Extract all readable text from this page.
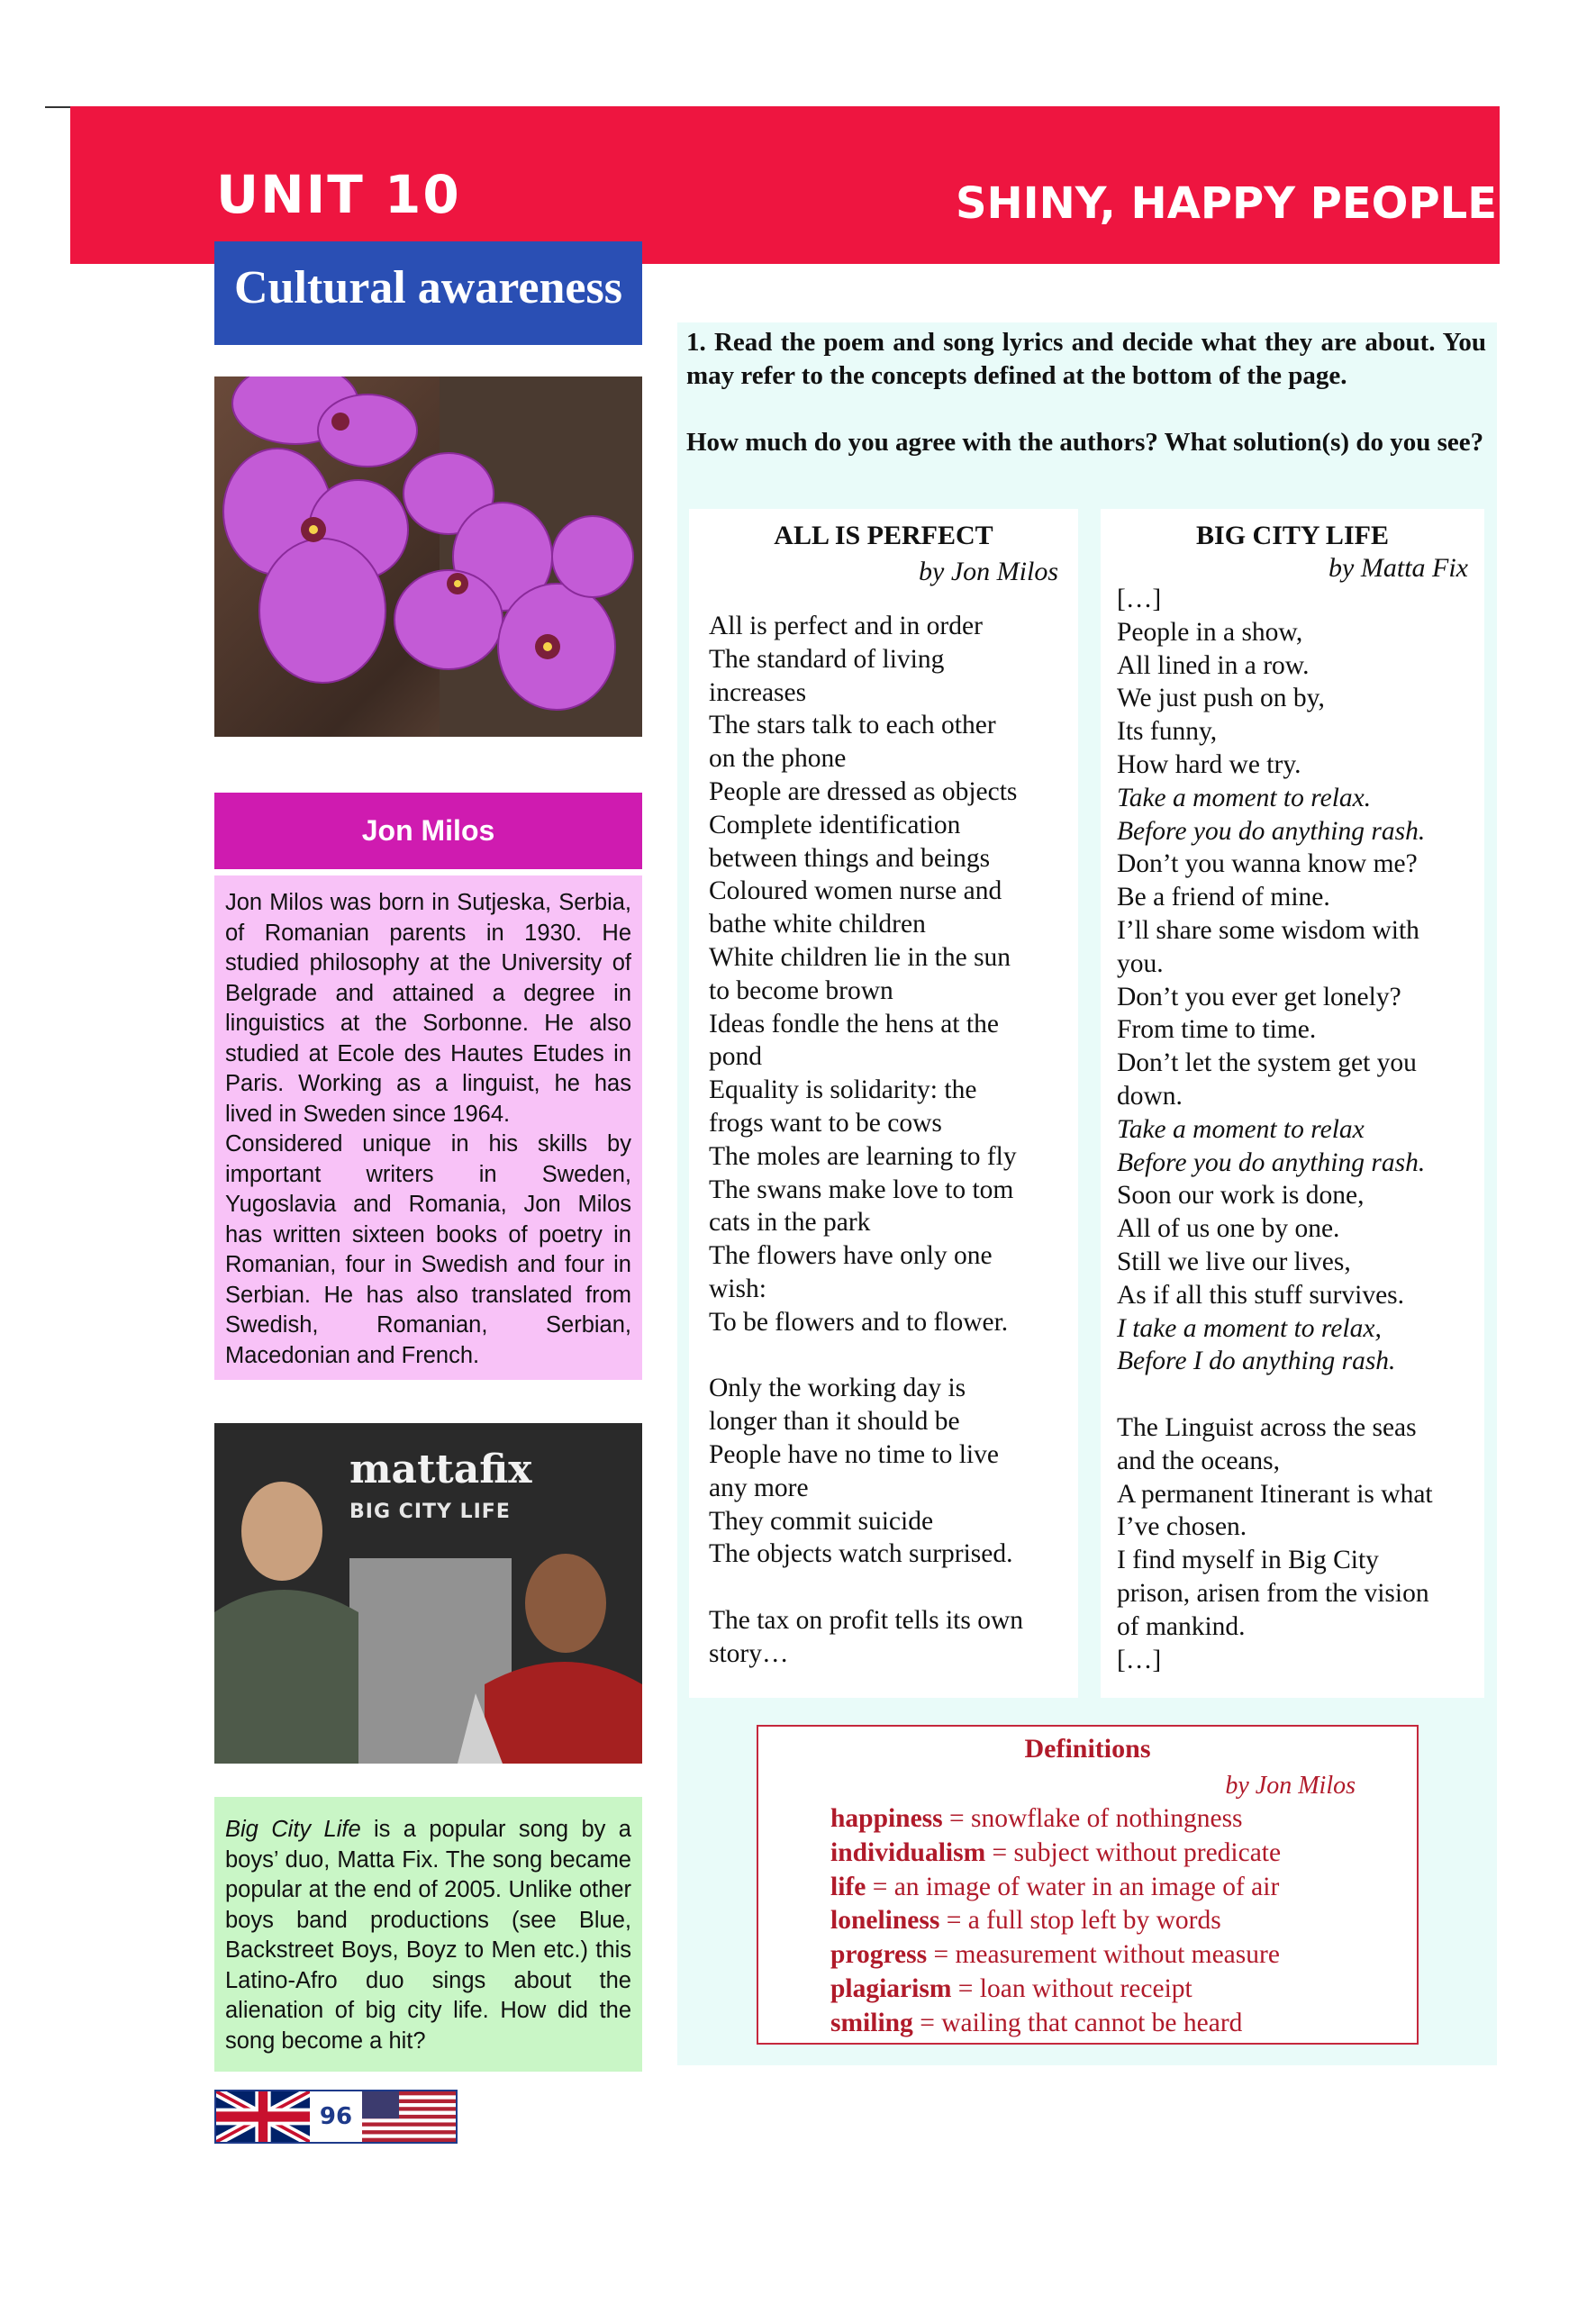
UNIT 10	SHINY, HAPPY PEOPLE
Cultural awareness
Jon Milos
Jon Milos was born in Sutjeska, Serbia, of Romanian parents in 1930. He studied philosophy at the University of Belgrade and attained a degree in linguistics at the Sorbonne. He also studied at Ecole des Hautes Etudes in Paris. Working as a linguist, he has lived in Sweden since 1964.
Considered unique in his skills by important writers in Sweden, Yugoslavia and Romania, Jon Milos has written sixteen books of poetry in Romanian, four in Swedish and four in Serbian. He has also translated from Swedish, Romanian, Serbian, Macedonian and French.
mattafix
BIG CITY LIFE
Big City Life is a popular song by a boys’ duo, Matta Fix. The song became popular at the end of 2005. Unlike other boys band productions (see Blue, Backstreet Boys, Boyz to Men etc.) this Latino-Afro duo sings about the alienation of big city life. How did the song become a hit?
96
1. Read the poem and song lyrics and decide what they are about. You may refer to the concepts defined at the bottom of the page.
How much do you agree with the authors? What solution(s) do you see?
ALL IS PERFECT
by Jon Milos
All is perfect and in order
The standard of living
increases
The stars talk to each other
on the phone
People are dressed as objects
Complete identification
between things and beings
Coloured women nurse and
bathe white children
White children lie in the sun
to become brown
Ideas fondle the hens at the
pond
Equality is solidarity: the
frogs want to be cows
The moles are learning to fly
The swans make love to tom
cats in the park
The flowers have only one
wish:
To be flowers and to flower.
Only the working day is
longer than it should be
People have no time to live
any more
They commit suicide
The objects watch surprised.
The tax on profit tells its own
story…
BIG CITY LIFE
by Matta Fix
[…]
People in a show,
All lined in a row.
We just push on by,
Its funny,
How hard we try.
Take a moment to relax.
Before you do anything rash.
Don’t you wanna know me?
Be a friend of mine.
I’ll share some wisdom with
you.
Don’t you ever get lonely?
From time to time.
Don’t let the system get you
down.
Take a moment to relax
Before you do anything rash.
Soon our work is done,
All of us one by one.
Still we live our lives,
As if all this stuff survives.
I take a moment to relax,
Before I do anything rash.
The Linguist across the seas
and the oceans,
A permanent Itinerant is what
I’ve chosen.
I find myself in Big City
prison, arisen from the vision
of mankind.
[…]
Definitions
by Jon Milos
happiness = snowflake of nothingness
individualism = subject without predicate
life = an image of water in an image of air
loneliness = a full stop left by words
progress = measurement without measure
plagiarism = loan without receipt
smiling = wailing that cannot be heard
